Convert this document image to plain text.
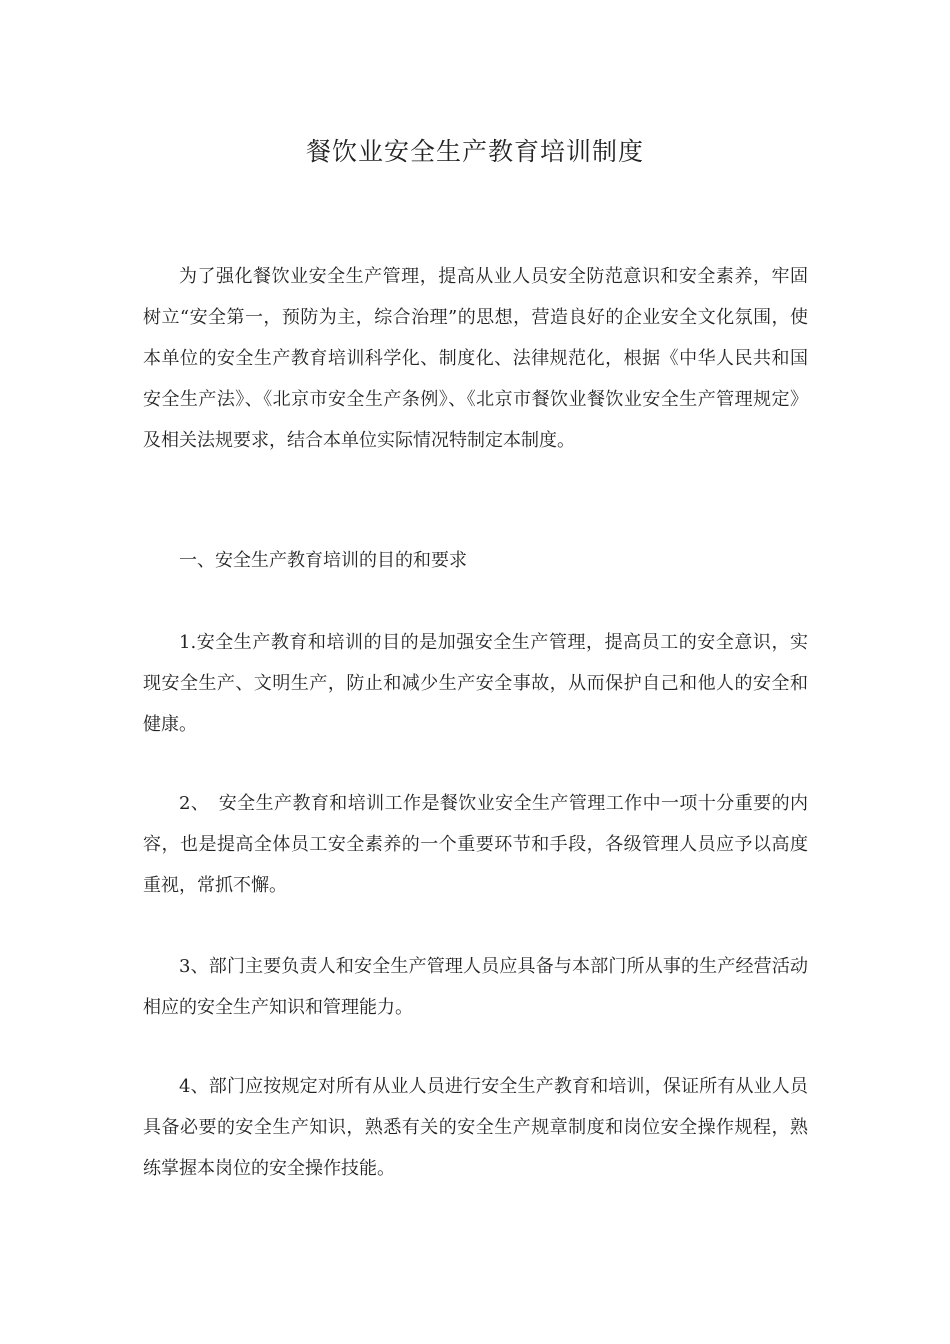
餐饮业安全生产教育培训制度

为了强化餐饮业安全生产管理，提高从业人员安全防范意识和安全素养，牢固树立“安全第一，预防为主，综合治理”的思想，营造良好的企业安全文化氛围，使本单位的安全生产教育培训科学化、制度化、法律规范化，根据《中华人民共和国安全生产法》、《北京市安全生产条例》、《北京市餐饮业餐饮业安全生产管理规定》及相关法规要求，结合本单位实际情况特制定本制度。

一、安全生产教育培训的目的和要求

1.安全生产教育和培训的目的是加强安全生产管理，提高员工的安全意识，实现安全生产、文明生产，防止和减少生产安全事故，从而保护自己和他人的安全和健康。

2、　安全生产教育和培训工作是餐饮业安全生产管理工作中一项十分重要的内容，也是提高全体员工安全素养的一个重要环节和手段，各级管理人员应予以高度重视，常抓不懈。

3、部门主要负责人和安全生产管理人员应具备与本部门所从事的生产经营活动相应的安全生产知识和管理能力。

4、部门应按规定对所有从业人员进行安全生产教育和培训，保证所有从业人员具备必要的安全生产知识，熟悉有关的安全生产规章制度和岗位安全操作规程，熟练掌握本岗位的安全操作技能。
